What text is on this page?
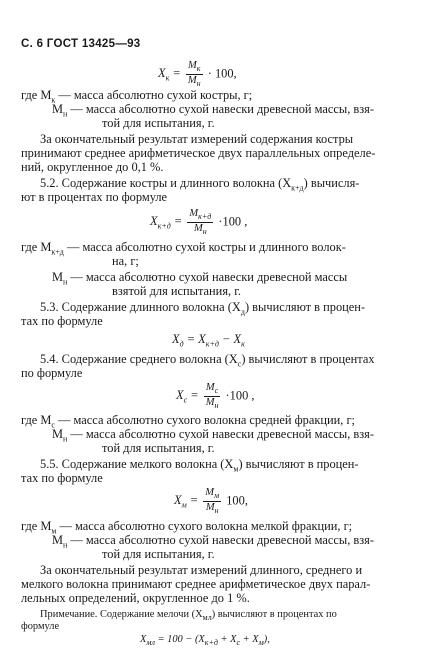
С. 6 ГОСТ 13425—93
$X_к = \frac{M_к}{M_н} \cdot 100$,
где $M_к$ — масса абсолютно сухой костры, г;
$M_н$ — масса абсолютно сухой навески древесной массы, взя-
той для испытания, г.
За окончательный результат измерений содержания костры
принимают среднее арифметическое двух параллельных определе-
ний, округленное до 0,1 %.
5.2. Содержание костры и длинного волокна $(X_{к+д})$ вычисля-
ют в процентах по формуле
$X_{к+д} = \frac{M_{к+д}}{M_н} \cdot 100$ ,
где $M_{к+д}$ — масса абсолютно сухой костры и длинного волок-
на, г;
$M_н$ — масса абсолютно сухой навески древесной массы
взятой для испытания, г.
5.3. Содержание длинного волокна $(X_д)$ вычисляют в процен-
тах по формуле
$X_д = X_{к+д} - X_к$
5.4. Содержание среднего волокна $(X_с)$ вычисляют в процентах
по формуле
$X_с = \frac{M_с}{M_н} \cdot 100$ ,
где $M_с$ — масса абсолютно сухого волокна средней фракции, г;
$M_н$ — масса абсолютно сухой навески древесной массы, взя-
той для испытания, г.
5.5. Содержание мелкого волокна $(X_м)$ вычисляют в процен-
тах по формуле
$X_м = \frac{M_м}{M_н} 100$,
где $M_м$ — масса абсолютно сухого волокна мелкой фракции, г;
$M_н$ — масса абсолютно сухой навески древесной массы, взя-
той для испытания, г.
За окончательный результат измерений длинного, среднего и
мелкого волокна принимают среднее арифметическое двух парал-
лельных определений, округленное до 1 %.
Примечание. Содержание мелочи $(X_{мл})$ вычисляют в процентах по
формуле
$X_{мл} = 100 - (X_{к+д} + X_с + X_м)$,
